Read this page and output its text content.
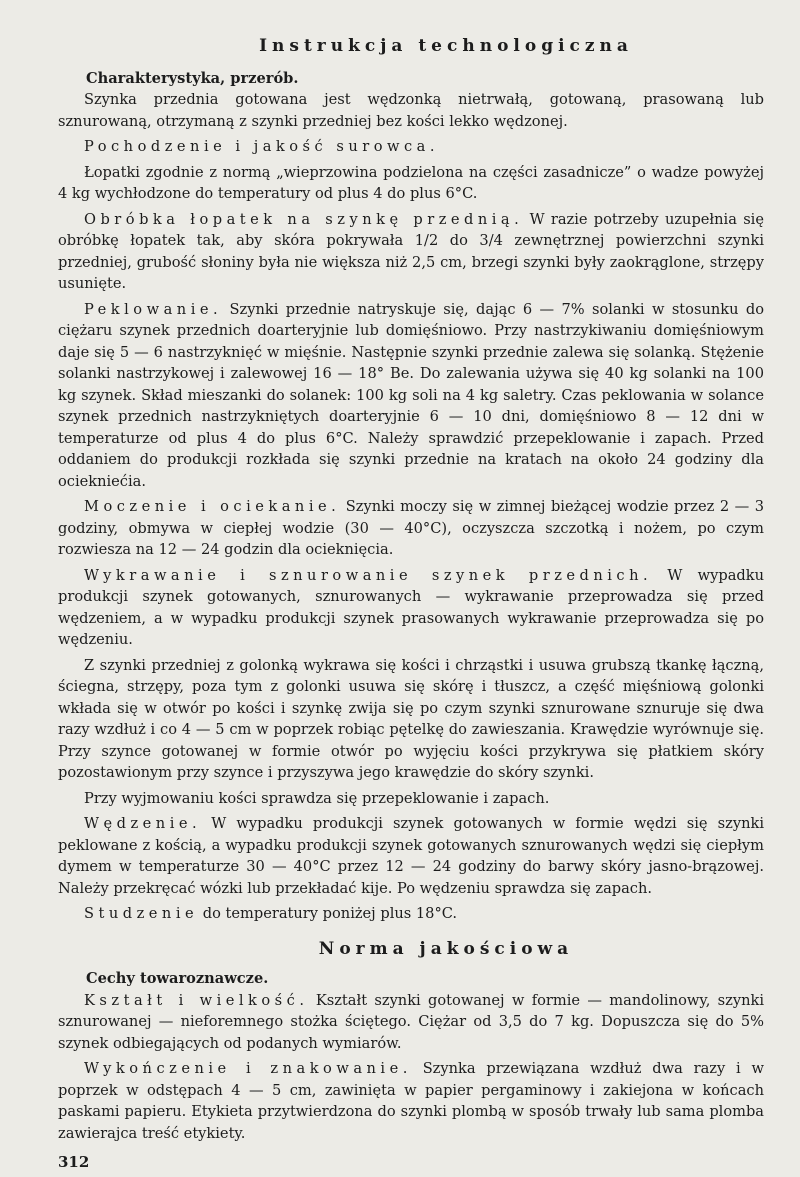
Instrukcja technologiczna
Charakterystyka, przerób.

Szynka przednia gotowana jest wędzonką nietrwałą, gotowaną, prasowaną lub sznurowaną, otrzymaną z szynki przedniej bez kości lekko wędzonej.

Pochodzenie i jakość surowca.

Łopatki zgodnie z normą „wieprzowina podzielona na części zasadnicze” o wadze powyżej 4 kg wychłodzone do temperatury od plus 4 do plus 6°C.

Obróbka łopatek na szynkę przednią. W razie potrzeby uzupełnia się obróbkę łopatek tak, aby skóra pokrywała 1/2 do 3/4 zewnętrznej powierzchni szynki przedniej, grubość słoniny była nie większa niż 2,5 cm, brzegi szynki były zaokrąglone, strzępy usunięte.

Peklowanie. Szynki przednie natryskuje się, dając 6 — 7% solanki w stosunku do ciężaru szynek przednich doarteryjnie lub domięśniowo. Przy nastrzykiwaniu domięśniowym daje się 5 — 6 nastrzyknięć w mięśnie. Następnie szynki przednie zalewa się solanką. Stężenie solanki nastrzykowej i zalewowej 16 — 18° Be. Do zalewania używa się 40 kg solanki na 100 kg szynek. Skład mieszanki do solanek: 100 kg soli na 4 kg saletry. Czas peklowania w solance szynek przednich nastrzykniętych doarteryjnie 6 — 10 dni, domięśniowo 8 — 12 dni w temperaturze od plus 4 do plus 6°C. Należy sprawdzić przepeklowanie i zapach. Przed oddaniem do produkcji rozkłada się szynki przednie na kratach na około 24 godziny dla ociekniećia.

Moczenie i ociekanie. Szynki moczy się w zimnej bieżącej wodzie przez 2 — 3 godziny, obmywa w ciepłej wodzie (30 — 40°C), oczyszcza szczotką i nożem, po czym rozwiesza na 12 — 24 godzin dla ocieknięcia.

Wykrawanie i sznurowanie szynek przednich. W wypadku produkcji szynek gotowanych, sznurowanych — wykrawanie przeprowadza się przed wędzeniem, a w wypadku produkcji szynek prasowanych wykrawanie przeprowadza się po wędzeniu.

Z szynki przedniej z golonką wykrawa się kości i chrząstki i usuwa grubszą tkankę łączną, ściegna, strzępy, poza tym z golonki usuwa się skórę i tłuszcz, a część mięśniową golonki wkłada się w otwór po kości i szynkę zwija się po czym szynki sznurowane sznuruje się dwa razy wzdłuż i co 4 — 5 cm w poprzek robiąc pętelkę do zawieszania. Krawędzie wyrównuje się. Przy szynce gotowanej w formie otwór po wyjęciu kości przykrywa się płatkiem skóry pozostawionym przy szynce i przyszywa jego krawędzie do skóry szynki.

Przy wyjmowaniu kości sprawdza się przepeklowanie i zapach.

Wędzenie. W wypadku produkcji szynek gotowanych w formie wędzi się szynki peklowane z kością, a wypadku produkcji szynek gotowanych sznurowanych wędzi się ciepłym dymem w temperaturze 30 — 40°C przez 12 — 24 godziny do barwy skóry jasno-brązowej. Należy przekręcać wózki lub przekładać kije. Po wędzeniu sprawdza się zapach.

Studzenie do temperatury poniżej plus 18°C.

Norma jakościowa
Cechy towaroznawcze.

Kształt i wielkość. Kształt szynki gotowanej w formie — mandolinowy, szynki sznurowanej — nieforemnego stożka ściętego. Ciężar od 3,5 do 7 kg. Dopuszcza się do 5% szynek odbiegających od podanych wymiarów.

Wykończenie i znakowanie. Szynka przewiązana wzdłuż dwa razy i w poprzek w odstępach 4 — 5 cm, zawinięta w papier pergaminowy i zakiejona w końcach paskami papieru. Etykieta przytwierdzona do szynki plombą w sposób trwały lub sama plomba zawierajca treść etykiety.

312
